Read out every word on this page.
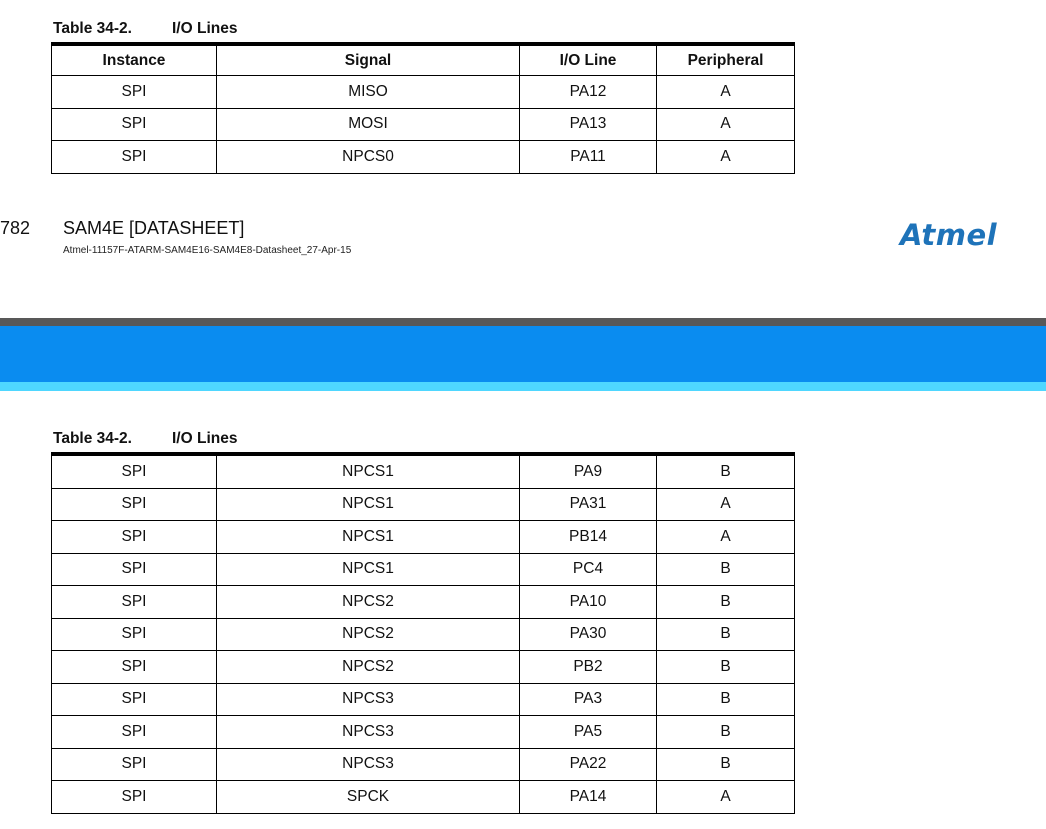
Table 34-2.	I/O Lines
Instance	Signal	I/O Line	Peripheral
SPI	MISO	PA12	A
SPI	MOSI	PA13	A
SPI	NPCS0	PA11	A
782 SAM4E [DATASHEET]
Atmel-11157F-ATARM-SAM4E16-SAM4E8-Datasheet_27-Apr-15	Atmel
Table 34-2.	I/O Lines
SPI	NPCS1	PA9	B
SPI	NPCS1	PA31	A
SPI	NPCS1	PB14	A
SPI	NPCS1	PC4	B
SPI	NPCS2	PA10	B
SPI	NPCS2	PA30	B
SPI	NPCS2	PB2	B
SPI	NPCS3	PA3	B
SPI	NPCS3	PA5	B
SPI	NPCS3	PA22	B
SPI	SPCK	PA14	A
